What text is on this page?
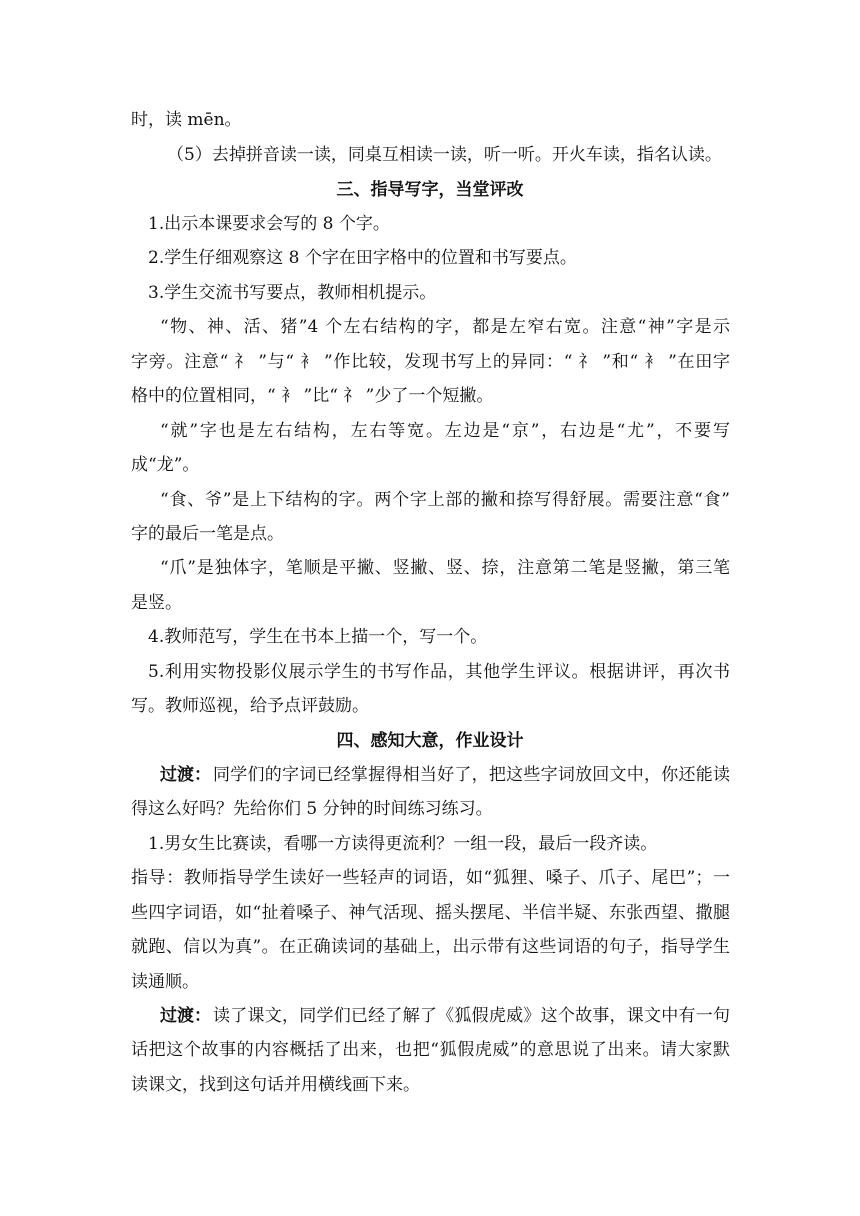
时，读 mēn。
（5）去掉拼音读一读，同桌互相读一读，听一听。开火车读，指名认读。
三、指导写字，当堂评改
1.出示本课要求会写的 8 个字。
2.学生仔细观察这 8 个字在田字格中的位置和书写要点。
3.学生交流书写要点，教师相机提示。
“物、神、活、猪”4 个左右结构的字，都是左窄右宽。注意“神”字是示
字旁。注意“ 礻 ”与“ 衤 ”作比较，发现书写上的异同：“ 礻 ”和“ 衤 ”在田字
格中的位置相同，“ 衤 ”比“ 礻 ”少了一个短撇。
“就”字也是左右结构，左右等宽。左边是“京”，右边是“尤”，不要写
成“龙”。
“食、爷”是上下结构的字。两个字上部的撇和捺写得舒展。需要注意“食”
字的最后一笔是点。
“爪”是独体字，笔顺是平撇、竖撇、竖、捺，注意第二笔是竖撇，第三笔
是竖。
4.教师范写，学生在书本上描一个，写一个。
5.利用实物投影仪展示学生的书写作品，其他学生评议。根据讲评，再次书
写。教师巡视，给予点评鼓励。
四、感知大意，作业设计
过渡： 同学们的字词已经掌握得相当好了，把这些字词放回文中，你还能读
得这么好吗？先给你们 5 分钟的时间练习练习。
1.男女生比赛读，看哪一方读得更流利？一组一段，最后一段齐读。
指导：教师指导学生读好一些轻声的词语，如“狐狸、嗓子、爪子、尾巴”；一
些四字词语，如“扯着嗓子、神气活现、摇头摆尾、半信半疑、东张西望、撒腿
就跑、信以为真”。在正确读词的基础上，出示带有这些词语的句子，指导学生
读通顺。
过渡： 读了课文，同学们已经了解了《狐假虎威》这个故事，课文中有一句
话把这个故事的内容概括了出来，也把“狐假虎威”的意思说了出来。请大家默
读课文，找到这句话并用横线画下来。
